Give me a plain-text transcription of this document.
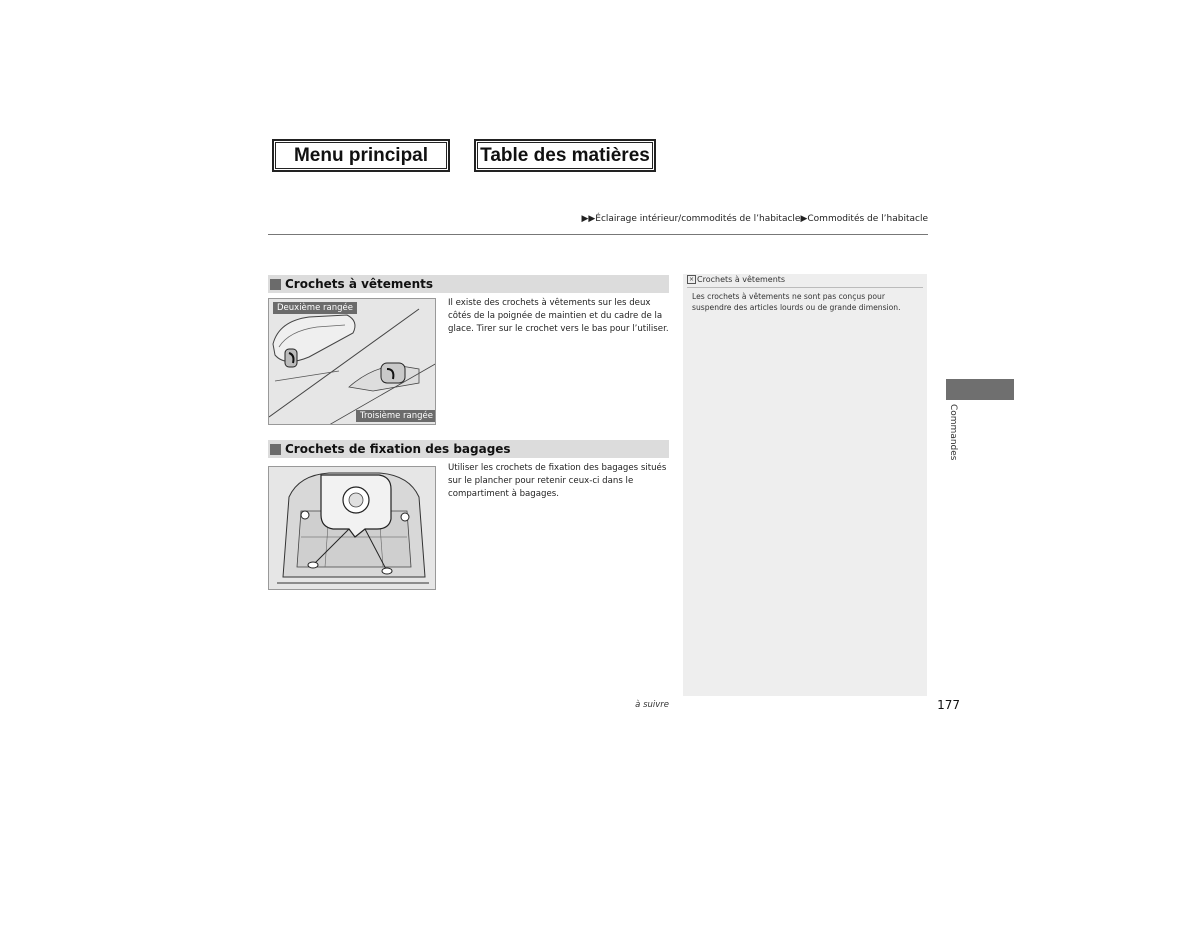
Menu principal	Table des matières
▶▶Éclairage intérieur/commodités de l’habitacle▶Commodités de l’habitacle
Crochets à vêtements
Deuxième rangée
Troisième rangée
Il existe des crochets à vêtements sur les deux côtés de la poignée de maintien et du cadre de la glace. Tirer sur le crochet vers le bas pour l’utiliser.
Crochets de fixation des bagages
Utiliser les crochets de fixation des bagages situés sur le plancher pour retenir ceux-ci dans le compartiment à bagages.
× Crochets à vêtements
Les crochets à vêtements ne sont pas conçus pour suspendre des articles lourds ou de grande dimension.
Commandes
à suivre	177
